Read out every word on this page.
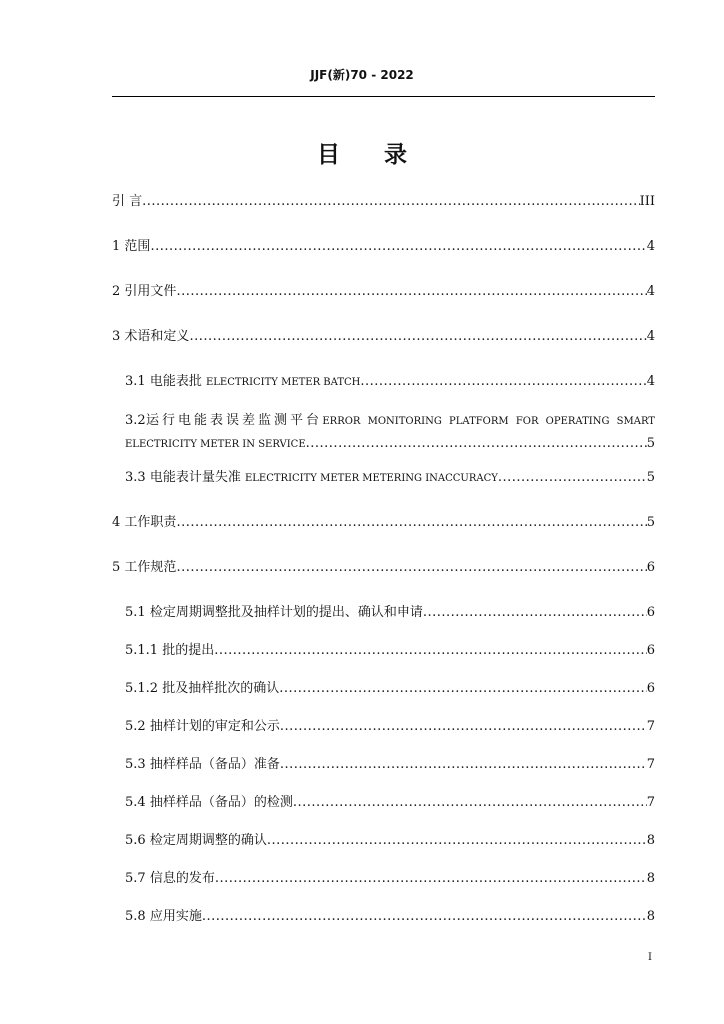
JJF(新)70 - 2022
目 录
引 言 .....	III
1 范围 .....	4
2 引用文件 .....	4
3 术语和定义 .....	4
3.1 电能表批 ELECTRICITY METER BATCH .....	4
3.2 运行电能表误差监测平台 ERROR MONITORING PLATFORM FOR OPERATING SMART
ELECTRICITY METER IN SERVICE .....	5
3.3 电能表计量失准 ELECTRICITY METER METERING INACCURACY .....	5
4 工作职责 .....	5
5 工作规范 .....	6
5.1 检定周期调整批及抽样计划的提出、确认和申请 .....	6
5.1.1 批的提出 .....	6
5.1.2 批及抽样批次的确认 .....	6
5.2 抽样计划的审定和公示 .....	7
5.3 抽样样品（备品）准备 .....	7
5.4 抽样样品（备品）的检测 .....	7
5.6 检定周期调整的确认 .....	8
5.7 信息的发布 .....	8
5.8 应用实施 .....	8
I
